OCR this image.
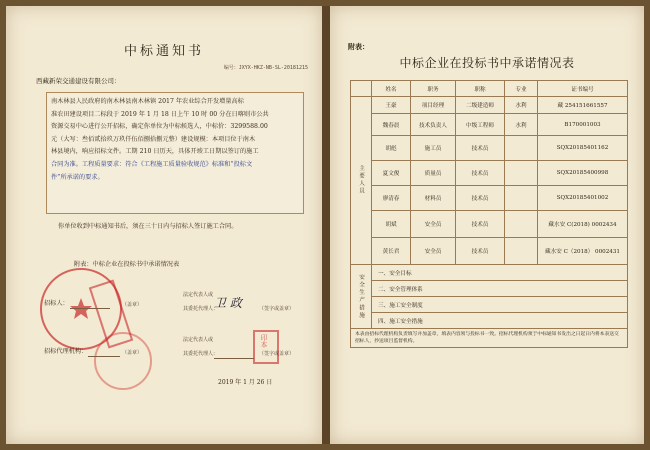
中标通知书
编号：JXYX-HKZ-NB-SL-20181215
西藏新荣交通建设有限公司：
南木林县人民政府的南木林县南木林镇 2017 年农业综合开发增量高标
准农田建设项目二标段于 2019 年 1 月 18 日上午 10 时 00 分在日喀则市公共
资源交易中心进行公开招标，确定你单位为中标候选人，中标价：3299588.00
元（大写：叁佰贰拾玖万玖仟伍佰捌拾捌元整）建设规模：本项目位于南木
林县境内，响应招标文件。工期 210 日历天，具体开竣工日期以签订的施工
合同为准。工程质量要求：符合《工程施工质量验收规范》标准和“投标文
件”所承诺的要求。
你单位收到中标通知书后，须在三十日内与招标人签订施工合同。
附表：中标企业在投标书中承诺情况表
印本
招标人：	（盖章）
法定代表人或
其委托代理人：
卫 政	（签字或盖章）
招标代理机构：	（盖章）
法定代表人或
其委托代理人：	（签字或盖章）
2019 年 1 月 26 日
附表：
中标企业在投标书中承诺情况表
	姓名	职务	职称	专业	证书编号
主要人员	王豪	项目经理	二级建造师	水利	藏 254151661557
	魏春晨	技术负责人	中级工程师	水利	B170001003
	胡彪	施工员	技术员		SQX20185401162
	夏文俊	质量员	技术员		SQX20185400998
	廖清春	材料员	技术员		SQX20185401002
	胡斌	安全员	技术员		藏水安 C(2018) 0002434
	黄长君	安全员	技术员		藏水安 C（2018） 0002431
安全生产措施	一、安全目标				
	二、安全管理体系				
	三、施工安全制度				
	四、施工安全措施				
本表由招标代理机构负责填写并加盖章，填表内容须与投标书一致。招标代理机构须于中标通知书发出之日起日内将本表送交招标人，抄送项目监督机构。					
